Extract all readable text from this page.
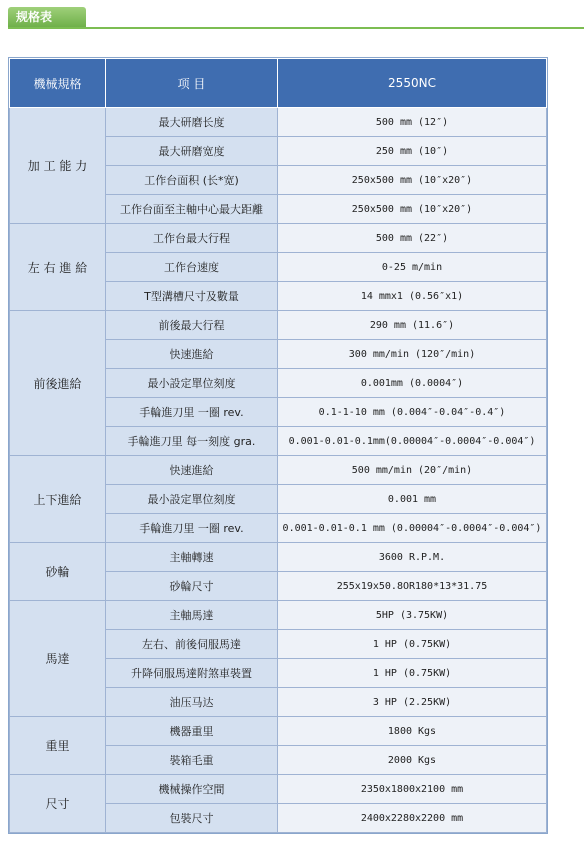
规格表
機械規格	项 目	2550NC
加 工 能 力	最大研磨长度	500 mm (12″)
	最大研磨宽度	250 mm (10″)
	工作台面积 (长*宽)	250x500 mm (10″x20″)
	工作台面至主軸中心最大距離	250x500 mm (10″x20″)
左 右 進 給	工作台最大行程	500 mm (22″)
	工作台速度	0-25 m/min
	T型溝槽尺寸及數量	14 mmx1 (0.56″x1)
前後進給	前後最大行程	290 mm (11.6″)
	快速進給	300 mm/min (120″/min)
	最小設定單位刻度	0.001mm (0.0004″)
	手輪進刀里 一圈 rev.	0.1-1-10 mm (0.004″-0.04″-0.4″)
	手輪進刀里 每一刻度 gra.	0.001-0.01-0.1mm(0.00004″-0.0004″-0.004″)
上下進給	快速進給	500 mm/min (20″/min)
	最小設定單位刻度	0.001 mm
	手輪進刀里 一圈 rev.	0.001-0.01-0.1 mm (0.00004″-0.0004″-0.004″)
砂輪	主軸轉速	3600 R.P.M.
	砂輪尺寸	255x19x50.8OR180*13*31.75
馬達	主軸馬達	5HP (3.75KW)
	左右、前後伺服馬達	1 HP (0.75KW)
	升降伺服馬達附煞車裝置	1 HP (0.75KW)
	油压马达	3 HP (2.25KW)
重里	機器重里	1800 Kgs
	裝箱毛重	2000 Kgs
尺寸	機械操作空間	2350x1800x2100 mm
	包裝尺寸	2400x2280x2200 mm
